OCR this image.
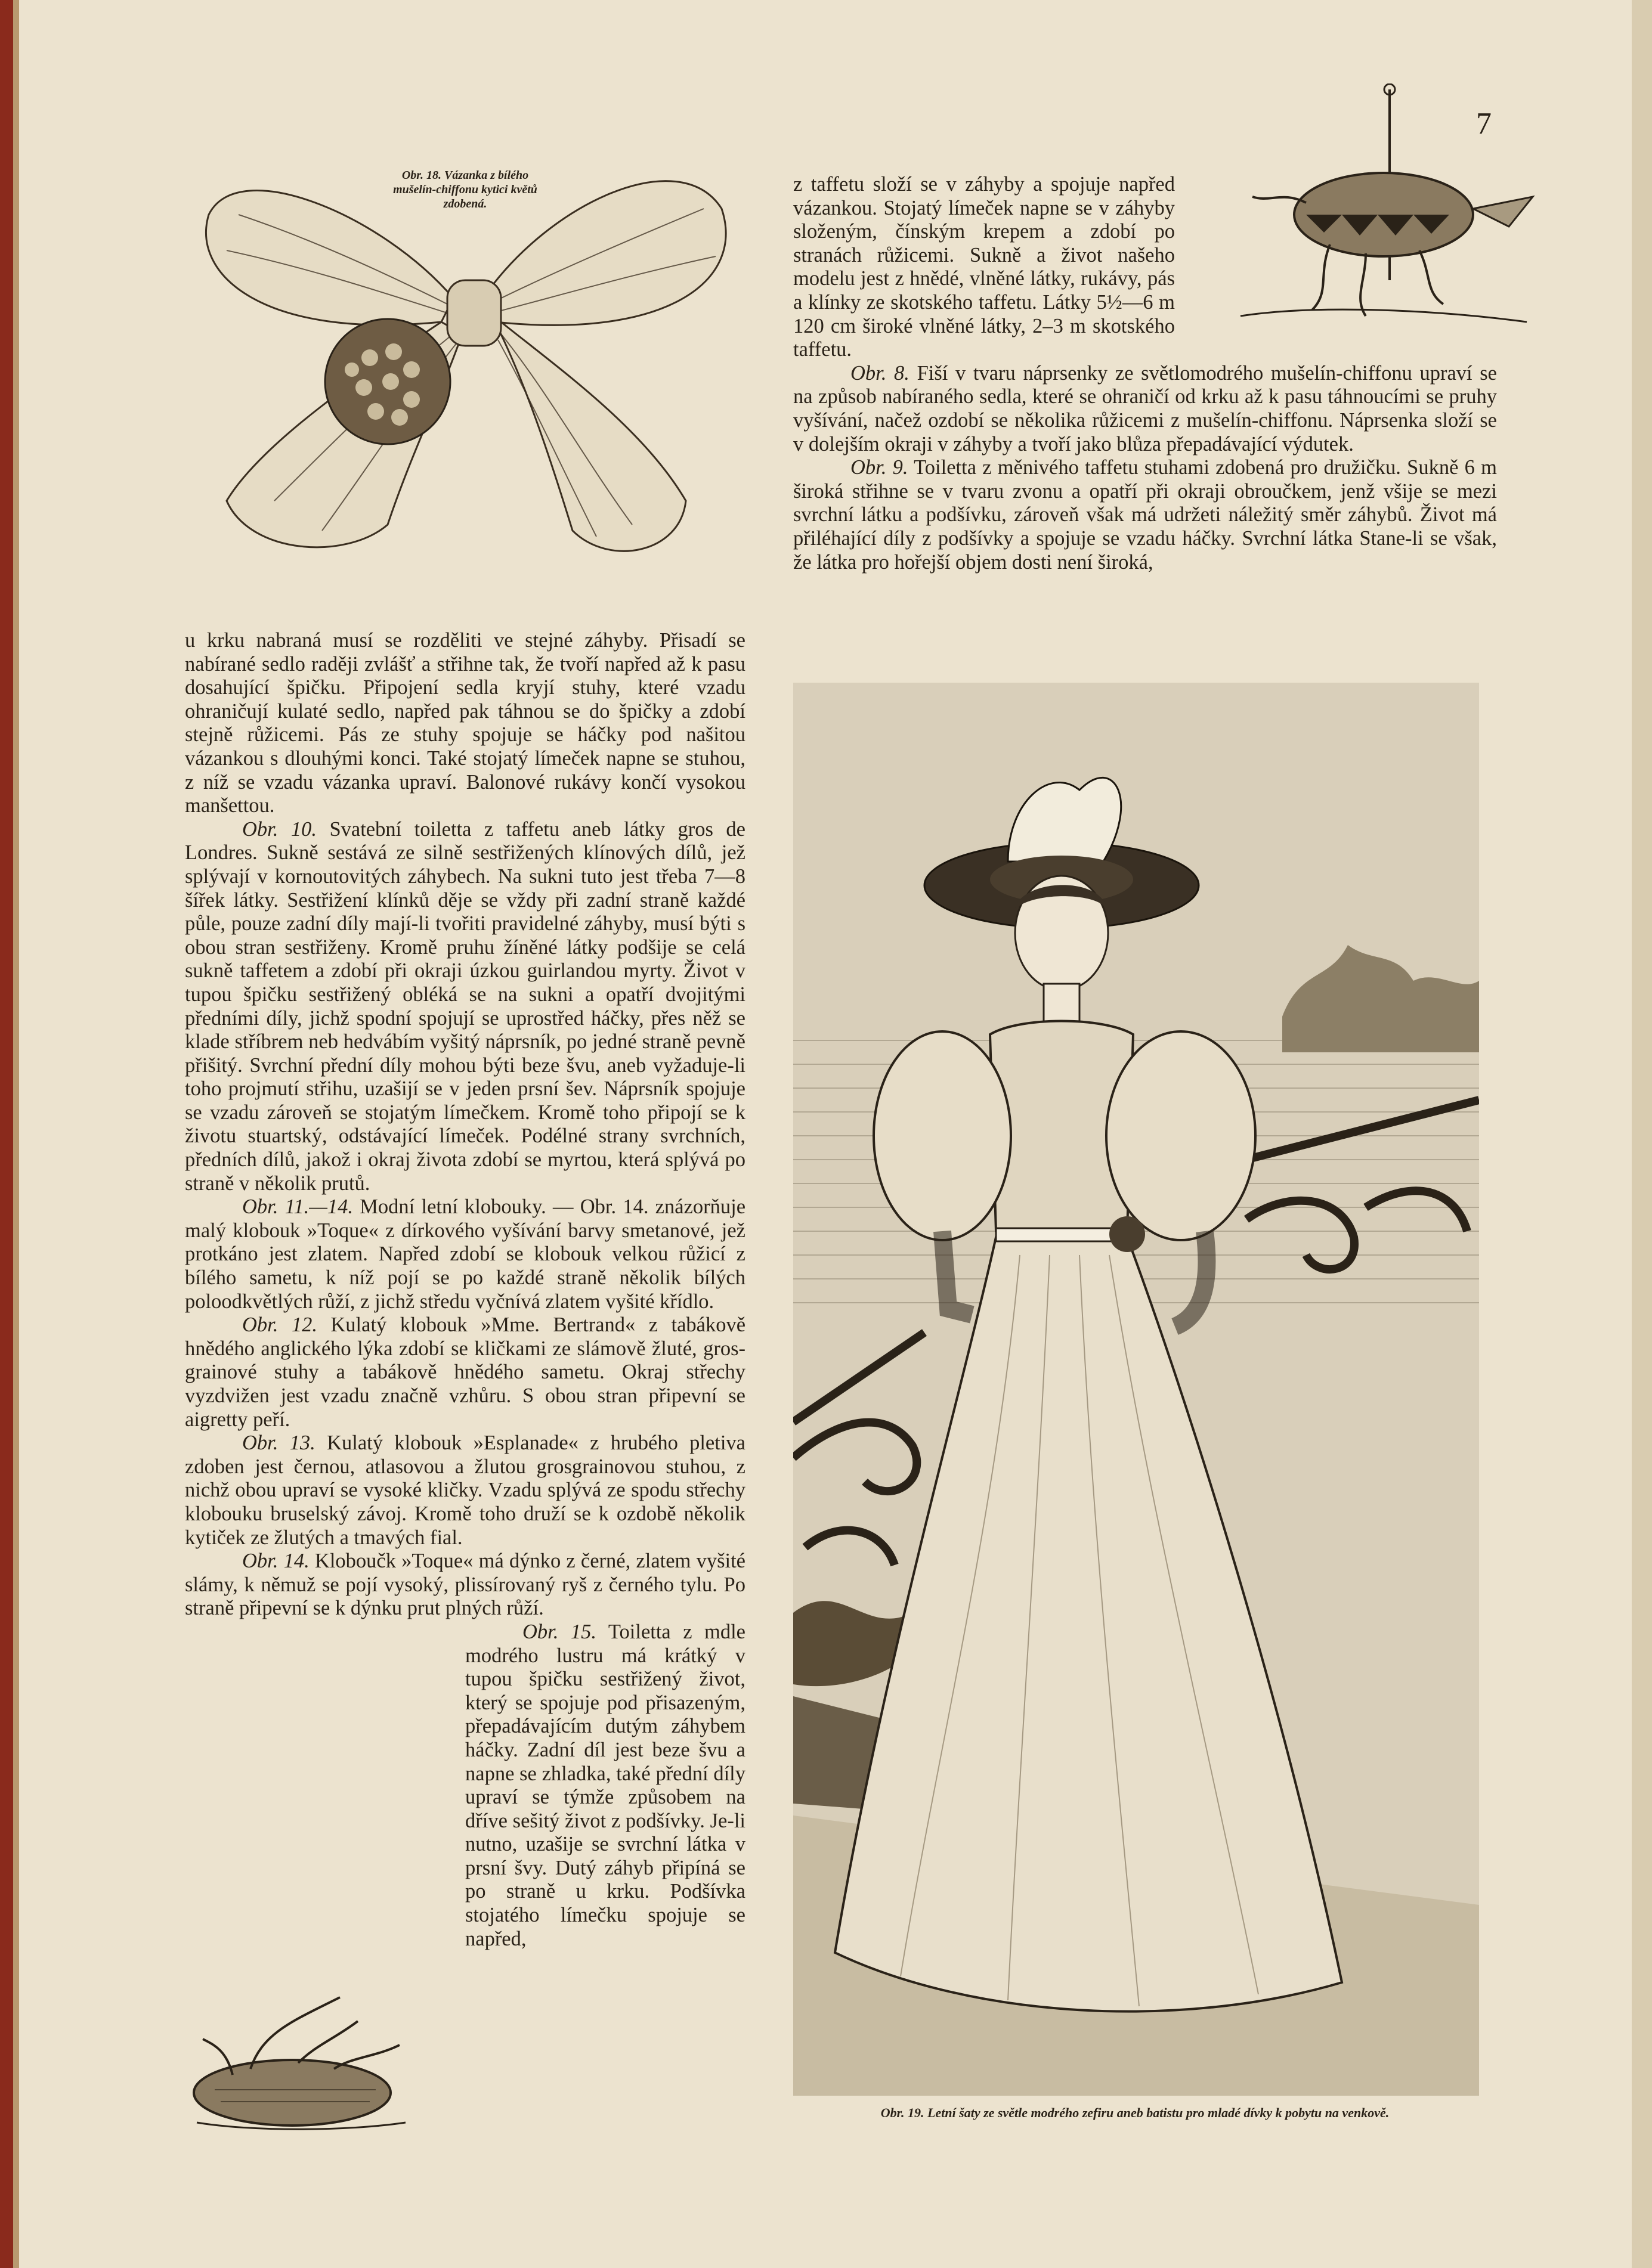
7
Obr. 18. Vázanka z bílého mušelín-chiffonu kytici květů zdobená.
Obr. 19. Letní šaty ze světle modrého zefiru aneb batistu pro mladé dívky k pobytu na venkově.

z taffetu složí se v záhyby a spojuje napřed vázankou. Stojatý límeček napne se v záhyby složeným, čínským krepem a zdobí po stranách růžicemi. Sukně a život našeho modelu jest z hnědé, vlněné látky, rukávy, pás a klínky ze skotského taffetu. Látky 5½—6 m 120 cm široké vlněné látky, 2–3 m skotského taffetu.

Obr. 8. Fiší v tvaru náprsenky ze světlomodrého mušelín-chiffonu upraví se na způsob nabíraného sedla, které se ohraničí od krku až k pasu táhnoucími se pruhy vyšívání, načež ozdobí se několika růžicemi z mušelín-chiffonu. Náprsenka složí se v dolejším okraji v záhyby a tvoří jako blůza přepadávající výdutek.

Obr. 9. Toiletta z měnivého taffetu stuhami zdobená pro družičku. Sukně 6 m široká střihne se v tvaru zvonu a opatří při okraji obroučkem, jenž všije se mezi svrchní látku a podšívku, zároveň však má udržeti náležitý směr záhybů. Život má přiléhající díly z podšívky a spojuje se vzadu háčky. Svrchní látka Stane-li se však, že látka pro hořejší objem dosti není široká,

u krku nabraná musí se rozděliti ve stejné záhyby. Přisadí se nabírané sedlo raději zvlášť a střihne tak, že tvoří napřed až k pasu dosahující špičku. Připojení sedla kryjí stuhy, které vzadu ohraničují kulaté sedlo, napřed pak táhnou se do špičky a zdobí stejně růžicemi. Pás ze stuhy spojuje se háčky pod našitou vázankou s dlouhými konci. Také stojatý límeček napne se stuhou, z níž se vzadu vázanka upraví. Balonové rukávy končí vysokou manšettou.

Obr. 10. Svatební toiletta z taffetu aneb látky gros de Londres. Sukně sestává ze silně sestřižených klínových dílů, jež splývají v kornoutovitých záhybech. Na sukni tuto jest třeba 7—8 šířek látky. Sestřižení klínků děje se vždy při zadní straně každé půle, pouze zadní díly mají-li tvořiti pravidelné záhyby, musí býti s obou stran sestřiženy. Kromě pruhu žíněné látky podšije se celá sukně taffetem a zdobí při okraji úzkou guirlandou myrty. Život v tupou špičku sestřižený obléká se na sukni a opatří dvojitými předními díly, jichž spodní spojují se uprostřed háčky, přes něž se klade stříbrem neb hedvábím vyšitý náprsník, po jedné straně pevně přišitý. Svrchní přední díly mohou býti beze švu, aneb vyžaduje-li toho projmutí střihu, uzašijí se v jeden prsní šev. Náprsník spojuje se vzadu zároveň se stojatým límečkem. Kromě toho připojí se k životu stuartský, odstávající límeček. Podélné strany svrchních, předních dílů, jakož i okraj života zdobí se myrtou, která splývá po straně v několik prutů.

Obr. 11.—14. Modní letní klobouky. — Obr. 14. znázorňuje malý klobouk »Toque« z dírkového vyšívání barvy smetanové, jež protkáno jest zlatem. Napřed zdobí se klobouk velkou růžicí z bílého sametu, k níž pojí se po každé straně několik bílých poloodkvětlých růží, z jichž středu vyčnívá zlatem vyšité křídlo.

Obr. 12. Kulatý klobouk »Mme. Bertrand« z tabákově hnědého anglického lýka zdobí se kličkami ze slámově žluté, gros-grainové stuhy a tabákově hnědého sametu. Okraj střechy vyzdvižen jest vzadu značně vzhůru. S obou stran připevní se aigretty peří.

Obr. 13. Kulatý klobouk »Esplanade« z hrubého pletiva zdoben jest černou, atlasovou a žlutou grosgrainovou stuhou, z nichž obou upraví se vysoké kličky. Vzadu splývá ze spodu střechy klobouku bruselský závoj. Kromě toho druží se k ozdobě několik kytiček ze žlutých a tmavých fial.

Obr. 14. Kloboučk »Toque« má dýnko z černé, zlatem vyšité slámy, k němuž se pojí vysoký, plissírovaný ryš z černého tylu. Po straně připevní se k dýnku prut plných růží.

Obr. 15. Toiletta z mdle modrého lustru má krátký v tupou špičku sestřižený život, který se spojuje pod přisazeným, přepadávajícím dutým záhybem háčky. Zadní díl jest beze švu a napne se zhladka, také přední díly upraví se týmže způsobem na dříve sešitý život z podšívky. Je-li nutno, uzašije se svrchní látka v prsní švy. Dutý záhyb připíná se po straně u krku. Podšívka stojatého límečku spojuje se napřed,
